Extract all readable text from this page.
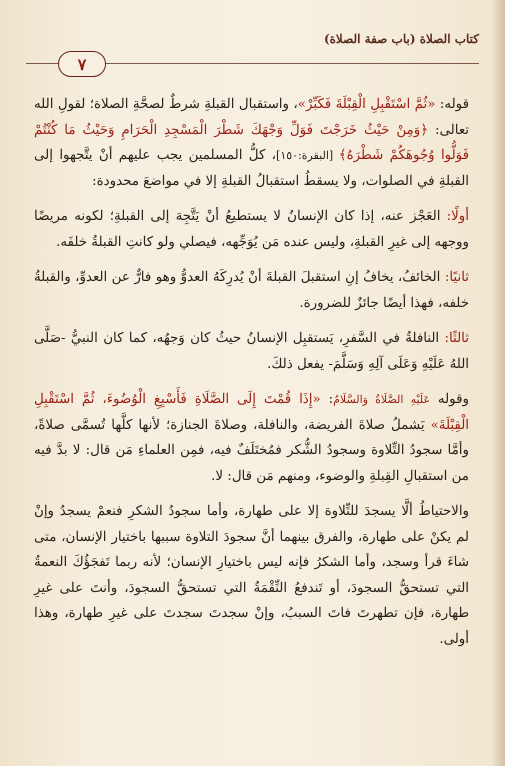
كتاب الصلاة (باب صفة الصلاة)
٧

قوله: «ثُمَّ اسْتَقْبِلِ الْقِبْلَةَ فَكَبِّرْ»، واستقبال القبلةِ شرطٌ لصحَّةِ الصلاة؛ لقولِ الله تعالى: ﴿وَمِنْ حَيْثُ خَرَجْتَ فَوَلِّ وَجْهَكَ شَطْرَ الْمَسْجِدِ الْحَرَامِ وَحَيْثُ مَا كُنْتُمْ فَوَلُّوا وُجُوهَكُمْ شَطْرَهُ﴾ [البقرة:١٥٠]، كلُّ المسلمين يجب عليهم أنْ يتَّجهوا إلى القبلةِ في الصلوات، ولا يسقطُ استقبالُ القبلةِ إلا في مواضعَ محدودة:

أولًا: العَجْز عنه، إذا كان الإنسانُ لا يستطيعُ أنْ يَتَّجِهَ إلى القبلةِ؛ لكونه مريضًا ووجهه إلى غيرِ القبلةِ، وليس عنده مَن يُوَجِّهه، فيصلي ولو كانتِ القبلةُ خلفَه.

ثانيًا: الخائفُ، يخافُ إنِ استقبلَ القبلةَ أنْ يُدرِكَهُ العدوُّ وهو فارٌّ عن العدوِّ، والقبلةُ خلفه، فهذا أيضًا جائزٌ للضرورة.

ثالثًا: النافلةُ في السَّفرِ، يَستقبِل الإنسانُ حيثُ كان وَجهُه، كما كان النبيُّ -صَلَّى اللهُ عَلَيْهِ وَعَلَى آلِهِ وَسَلَّمَ- يفعل ذلكَ.

وقوله عَلَيْهِ الصَّلَاةُ وَالسَّلَامُ: «إِذَا قُمْتَ إِلَى الصَّلَاةِ فَأَسْبِغِ الْوُضُوءَ، ثُمَّ اسْتَقْبِلِ الْقِبْلَةَ» يَشملُ صلاةَ الفريضة، والنافلة، وصلاةَ الجنازة؛ لأنها كلَّها تُسمَّى صلاةً، وأمَّا سجودُ التِّلاوة وسجودُ الشُّكر فمُختَلَفٌ فيه، فمِن العلماءِ مَن قال: لا بدَّ فيه من استقبالِ القِبلةِ والوضوء، ومنهم مَن قال: لا.

والاحتياطُ ألَّا يسجدَ للتِّلاوة إلا على طهارة، وأما سجودُ الشكرِ فنعمْ يسجدُ وإنْ لم يكنْ على طهارة، والفرق بينهما أنَّ سجودَ التلاوة سببها باختيار الإنسان، متى شاءَ قرأ وسجد، وأما الشكرُ فإنه ليس باختيارِ الإنسان؛ لأنه ربما تَفجَؤُكَ النعمةُ التي تستحقُّ السجودَ، أو تَندفعُ النِّقْمَةُ التي تستحقُّ السجودَ، وأنتَ على غيرِ طهارة، فإن تطهرتَ فاتَ السببُ، وإنْ سجدتَ سجدتَ على غيرِ طهارة، وهذا أولى.
